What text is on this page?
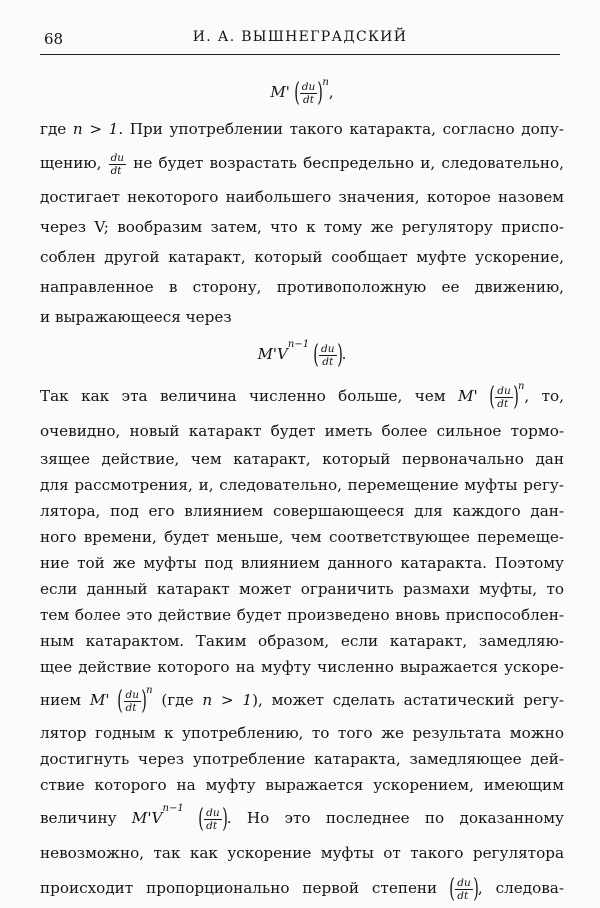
68	И. А. ВЫШНЕГРАДСКИЙ
M' ( $\frac{du}{dt} )^n$,
где n > 1. При употреблении такого катаракта, согласно допу-
щению, $\frac{du}{dt}$ не будет возрастать беспредельно и, следовательно,
достигает некоторого наибольшего значения, которое назовем
через V; вообразим затем, что к тому же регулятору приспо-
соблен другой катаракт, который сообщает муфте ускорение,
направленное в сторону, противоположную ее движению,
и выражающееся через
$M'V^{n-1}$ ( $\frac{du}{dt}$ ).
Так как эта величина численно больше, чем M' ( $\frac{du}{dt} )^n$, то,
очевидно, новый катаракт будет иметь более сильное тормо-
зящее действие, чем катаракт, который первоначально дан
для рассмотрения, и, следовательно, перемещение муфты регу-
лятора, под его влиянием совершающееся для каждого дан-
ного времени, будет меньше, чем соответствующее перемеще-
ние той же муфты под влиянием данного катаракта. Поэтому
если данный катаракт может ограничить размахи муфты, то
тем более это действие будет произведено вновь приспособлен-
ным катарактом. Таким образом, если катаракт, замедляю-
щее действие которого на муфту численно выражается ускоре-
нием M' ( $\frac{du}{dt} )^n$ (где n > 1), может сделать астатический регу-
лятор годным к употреблению, то того же результата можно
достигнуть через употребление катаракта, замедляющее дей-
ствие которого на муфту выражается ускорением, имеющим
величину $M'V^{n-1}$ ( $\frac{du}{dt}$ ). Но это последнее по доказанному
невозможно, так как ускорение муфты от такого регулятора
происходит пропорционально первой степени ( $\frac{du}{dt}$ ), следова-
